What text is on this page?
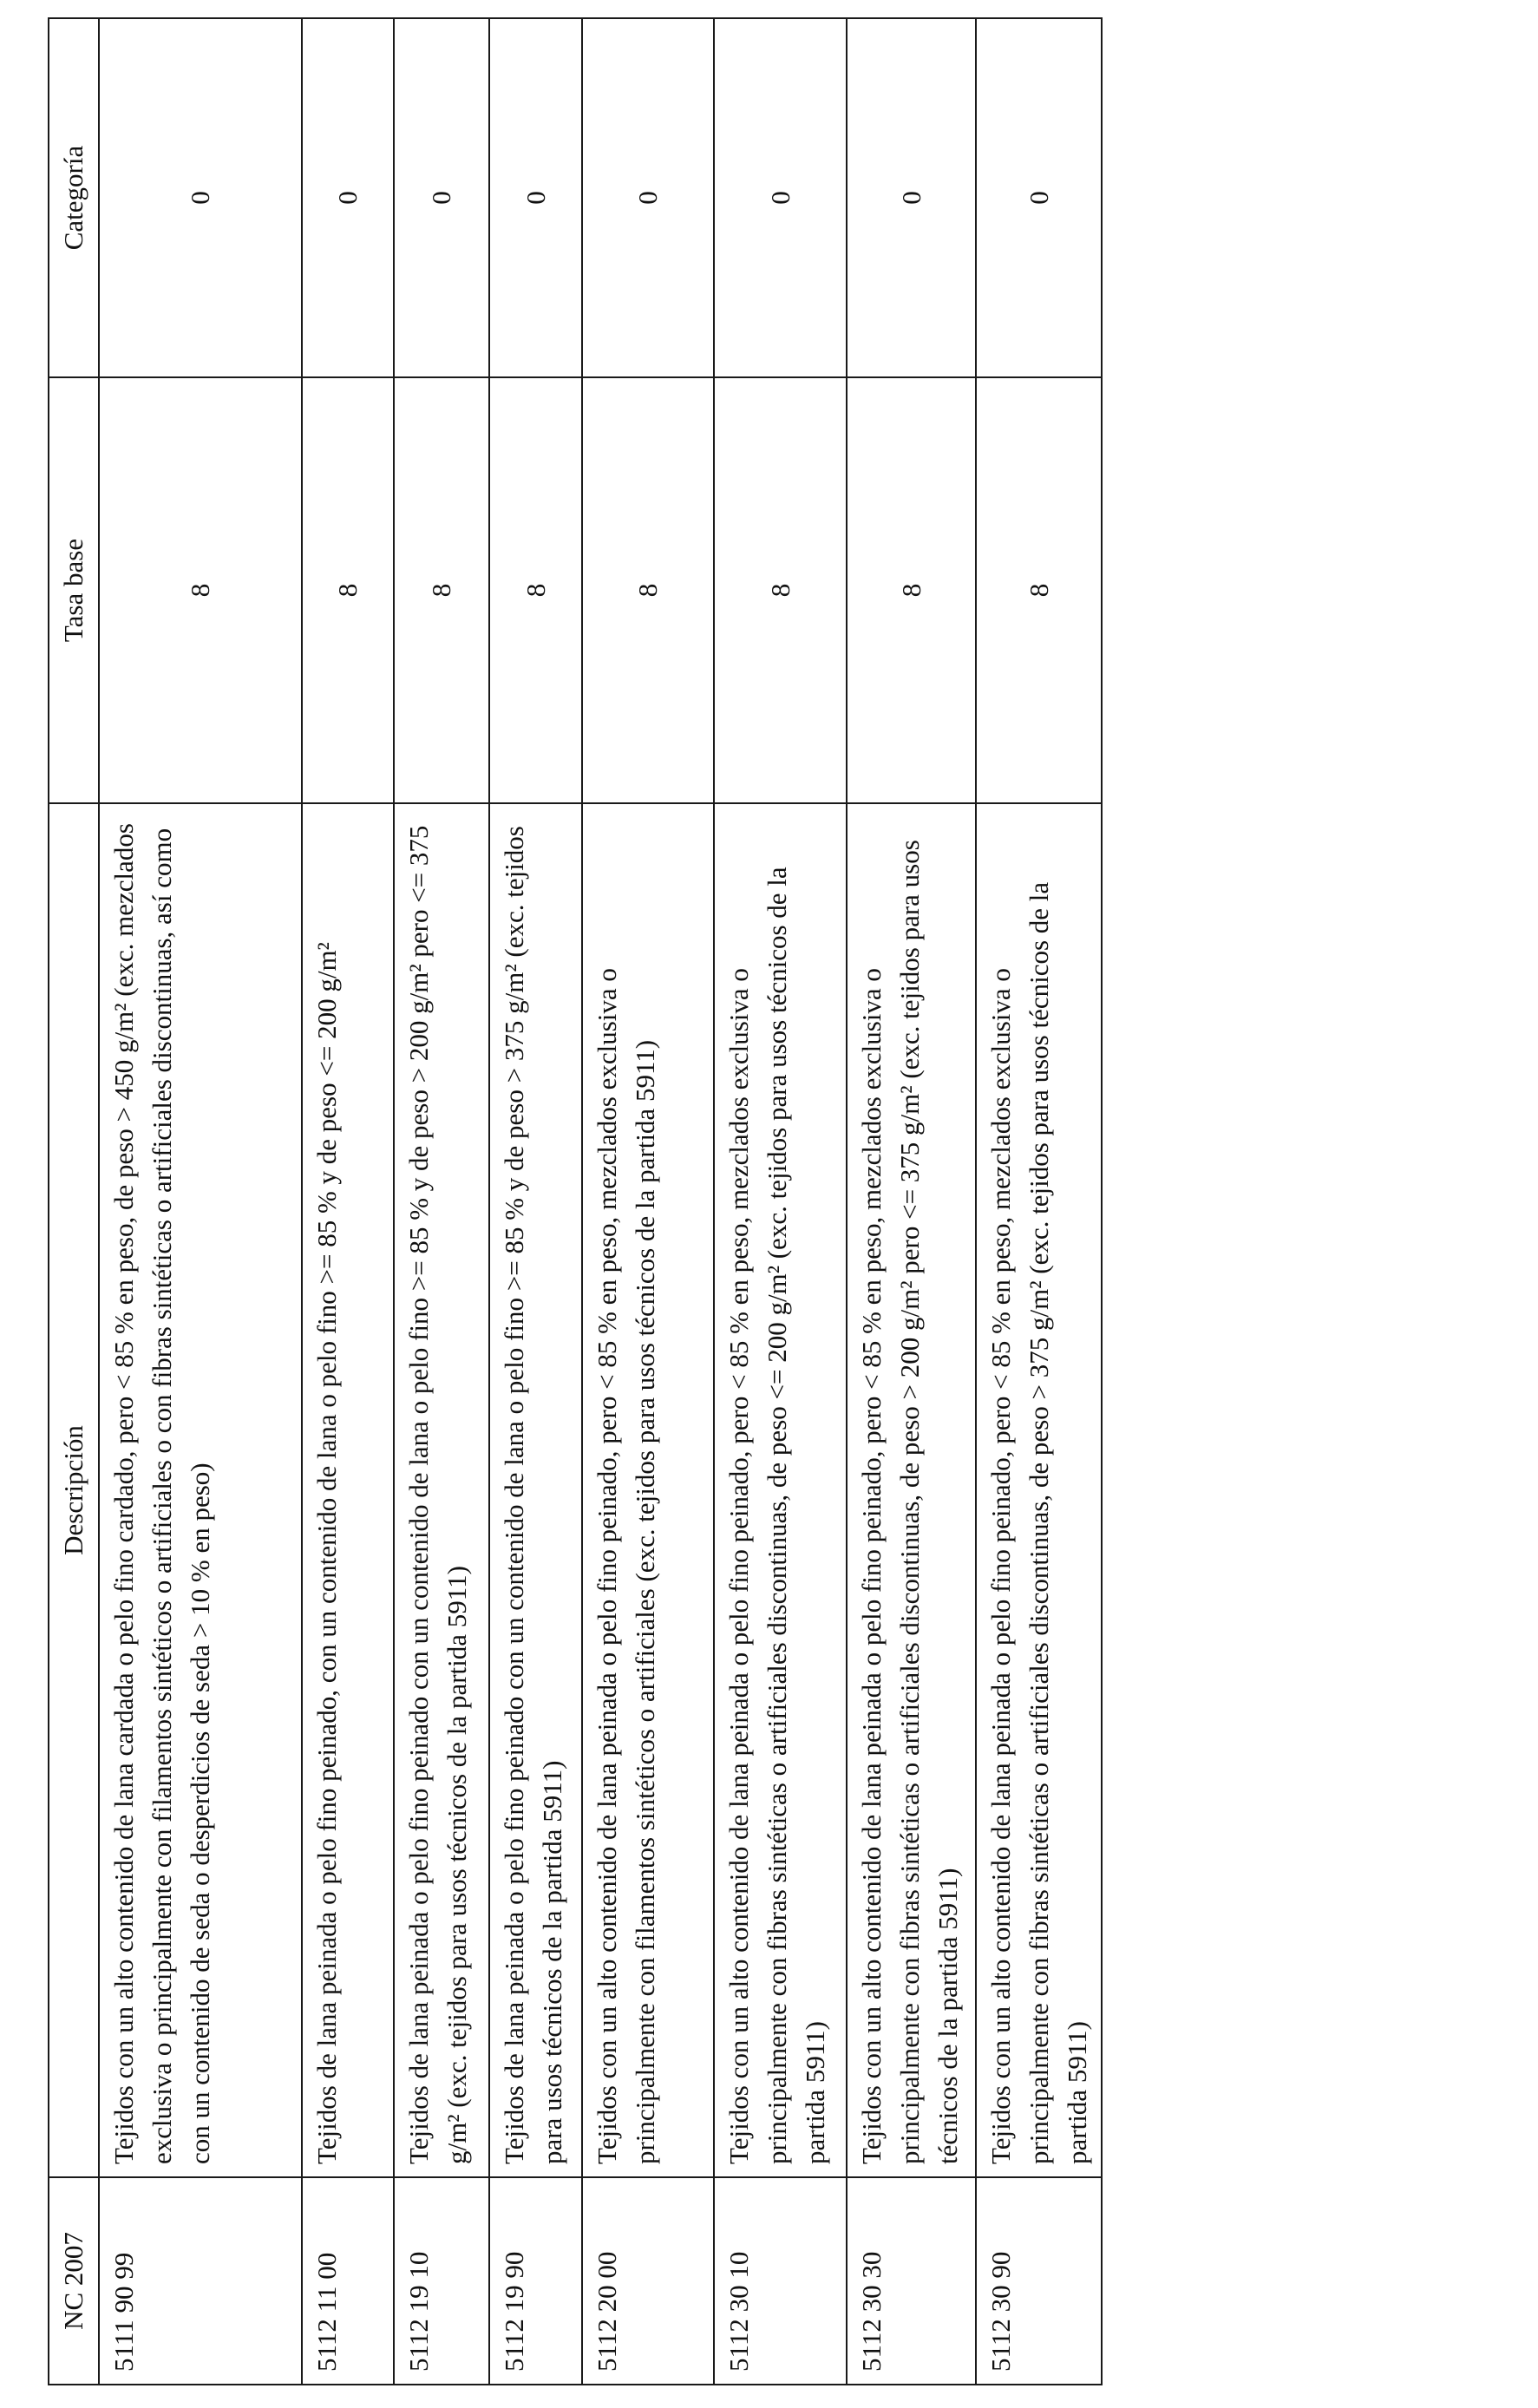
NC 2007	Descripción	Tasa base	Categoría
5111 90 99	Tejidos con un alto contenido de lana cardada o pelo fino cardado, pero < 85 % en peso, de peso > 450 g/m² (exc. mezclados exclusiva o principalmente con filamentos sintéticos o artificiales o con fibras sintéticas o artificiales discontinuas, así como con un contenido de seda o desperdicios de seda > 10 % en peso)	8	0
5112 11 00	Tejidos de lana peinada o pelo fino peinado, con un contenido de lana o pelo fino >= 85 % y de peso <= 200 g/m²	8	0
5112 19 10	Tejidos de lana peinada o pelo fino peinado con un contenido de lana o pelo fino >= 85 % y de peso > 200 g/m² pero <= 375 g/m² (exc. tejidos para usos técnicos de la partida 5911)	8	0
5112 19 90	Tejidos de lana peinada o pelo fino peinado con un contenido de lana o pelo fino >= 85 % y de peso > 375 g/m² (exc. tejidos para usos técnicos de la partida 5911)	8	0
5112 20 00	Tejidos con un alto contenido de lana peinada o pelo fino peinado, pero < 85 % en peso, mezclados exclusiva o principalmente con filamentos sintéticos o artificiales (exc. tejidos para usos técnicos de la partida 5911)	8	0
5112 30 10	Tejidos con un alto contenido de lana peinada o pelo fino peinado, pero < 85 % en peso, mezclados exclusiva o principalmente con fibras sintéticas o artificiales discontinuas, de peso <= 200 g/m² (exc. tejidos para usos técnicos de la partida 5911)	8	0
5112 30 30	Tejidos con un alto contenido de lana peinada o pelo fino peinado, pero < 85 % en peso, mezclados exclusiva o principalmente con fibras sintéticas o artificiales discontinuas, de peso > 200 g/m² pero <= 375 g/m² (exc. tejidos para usos técnicos de la partida 5911)	8	0
5112 30 90	Tejidos con un alto contenido de lana peinada o pelo fino peinado, pero < 85 % en peso, mezclados exclusiva o principalmente con fibras sintéticas o artificiales discontinuas, de peso > 375 g/m² (exc. tejidos para usos técnicos de la partida 5911)	8	0
